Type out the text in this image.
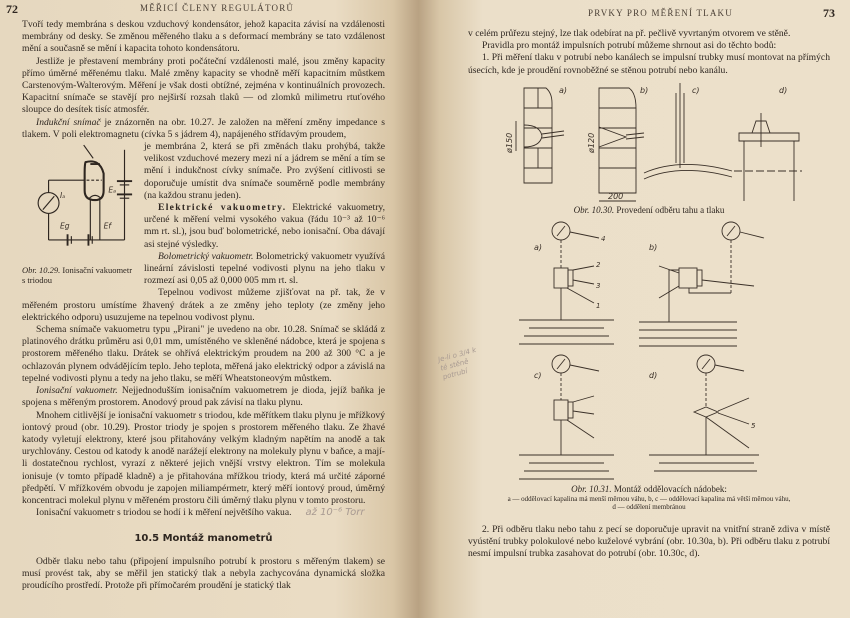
72	MĚŘICÍ ČLENY REGULÁTORŮ

Tvoří tedy membrána s deskou vzduchový kondensátor, jehož kapacita závisí na vzdálenosti membrány od desky. Se změnou měřeného tlaku a s deformací membrány se tato vzdálenost mění a současně se mění i kapacita tohoto kondensátoru.

Jestliže je přestavení membrány proti počáteční vzdálenosti malé, jsou změny kapacity přímo úměrné měřenému tlaku. Malé změny kapacity se vhodně měří kapacitním můstkem Carstenovým-Walterovým. Měření je však dosti obtížné, zejména v kontinuálních provozech. Kapacitní snímače se stavějí pro nejširší rozsah tlaků — od zlomků milimetru rtuťového sloupce do desítek tisíc atmosfér.

Indukční snímač je znázorněn na obr. 10.27. Je založen na měření změny impedance s tlakem. V poli elektromagnetu (cívka 5 s jádrem 4), napájeného střídavým proudem,

Iₐ
Eₐ
Eg	Ef
Obr. 10.29. Ionisační vakuometr s triodou

je membrána 2, která se při změnách tlaku prohýbá, takže velikost vzduchové mezery mezi ní a jádrem se mění a tím se mění i indukčnost cívky snímače. Pro zvýšení citlivosti se doporučuje umístit dva snímače souměrně podle membrány (na každou stranu jeden).

Elektrické vakuometry. Elektrické vakuometry, určené k měření velmi vysokého vakua (řádu 10⁻³ až 10⁻⁶ mm rt. sl.), jsou buď bolometrické, nebo ionisační. Oba dávají asi stejné výsledky.

Bolometrický vakuometr. Bolometrický vakuometr využívá lineární závislosti tepelné vodivosti plynu na jeho tlaku v rozmezí asi 0,05 až 0,000 005 mm rt. sl.

Tepelnou vodivost můžeme zjišťovat na př. tak, že v měřeném prostoru umístíme žhavený drátek a ze změny jeho teploty (ze změny jeho elektrického odporu) usuzujeme na tepelnou vodivost plynu.

Schema snímače vakuometru typu „Pirani" je uvedeno na obr. 10.28. Snímač se skládá z platinového drátku průměru asi 0,01 mm, umístěného ve skleněné nádobce, která je spojena s prostorem měřeného tlaku. Drátek se ohřívá elektrickým proudem na 200 až 300 °C a je ochlazován plynem odvádějícím teplo. Jeho teplota, měřená jako elektrický odpor a závislá na tepelné vodivosti plynu a tedy na jeho tlaku, se měří Wheatstoneovým můstkem.

Ionisační vakuometr. Nejjednodušším ionisačním vakuometrem je dioda, jejíž baňka je spojena s měřeným prostorem. Anodový proud pak závisí na tlaku plynu.

Mnohem citlivější je ionisační vakuometr s triodou, kde měřítkem tlaku plynu je mřížkový iontový proud (obr. 10.29). Prostor triody je spojen s prostorem měřeného tlaku. Ze žhavé katody vyletují elektrony, které jsou přitahovány velkým kladným napětím na anodě a tak urychlovány. Cestou od katody k anodě narážejí elektrony na molekuly plynu v baňce, a mají-li dostatečnou rychlost, vyrazí z některé jejich vnější vrstvy elektron. Tím se molekula ionisuje (v tomto případě kladně) a je přitahována mřížkou triody, která má určité záporné předpětí. V mřížkovém obvodu je zapojen miliampérmetr, který měří iontový proud, úměrný koncentraci molekul plynu v měřeném prostoru čili úměrný tlaku plynu v tomto prostoru.

Ionisační vakuometr s triodou se hodí i k měření největšího vakua. až 10⁻⁶ Torr

10.5 Montáž manometrů

Odběr tlaku nebo tahu (připojení impulsního potrubí k prostoru s měřeným tlakem) se musí provést tak, aby se měřil jen statický tlak a nebyla zachycována dynamická složka proudícího prostředí. Protože při přímočarém proudění je statický tlak

PRVKY PRO MĚŘENÍ TLAKU	73

v celém průřezu stejný, lze tlak odebírat na př. pečlivě vyvrtaným otvorem ve stěně.

Pravidla pro montáž impulsních potrubí můžeme shrnout asi do těchto bodů:

1. Při měření tlaku v potrubí nebo kanálech se impulsní trubky musí montovat na přímých úsecích, kde je proudění rovnoběžné se stěnou potrubí nebo kanálu.

a)	b)	c)	d)
ø150	ø120
200
Obr. 10.30. Provedení odběru tahu a tlaku
a)	b)
c)	d)
1
2
3
4
5
Obr. 10.31. Montáž oddělovacích nádobek:
a — oddělovací kapalina má menší měrnou váhu, b, c — oddělovací kapalina má větší měrnou váhu,
d — oddělení membránou

2. Při odběru tlaku nebo tahu z pecí se doporučuje upravit na vnitřní straně zdiva v místě vyústění trubky polokulové nebo kuželové vybrání (obr. 10.30a, b). Při odběru tlaku z potrubí nesmí impulsní trubka zasahovat do potrubí (obr. 10.30c, d).

Je-li o 3/4 k té stěně potrubí
